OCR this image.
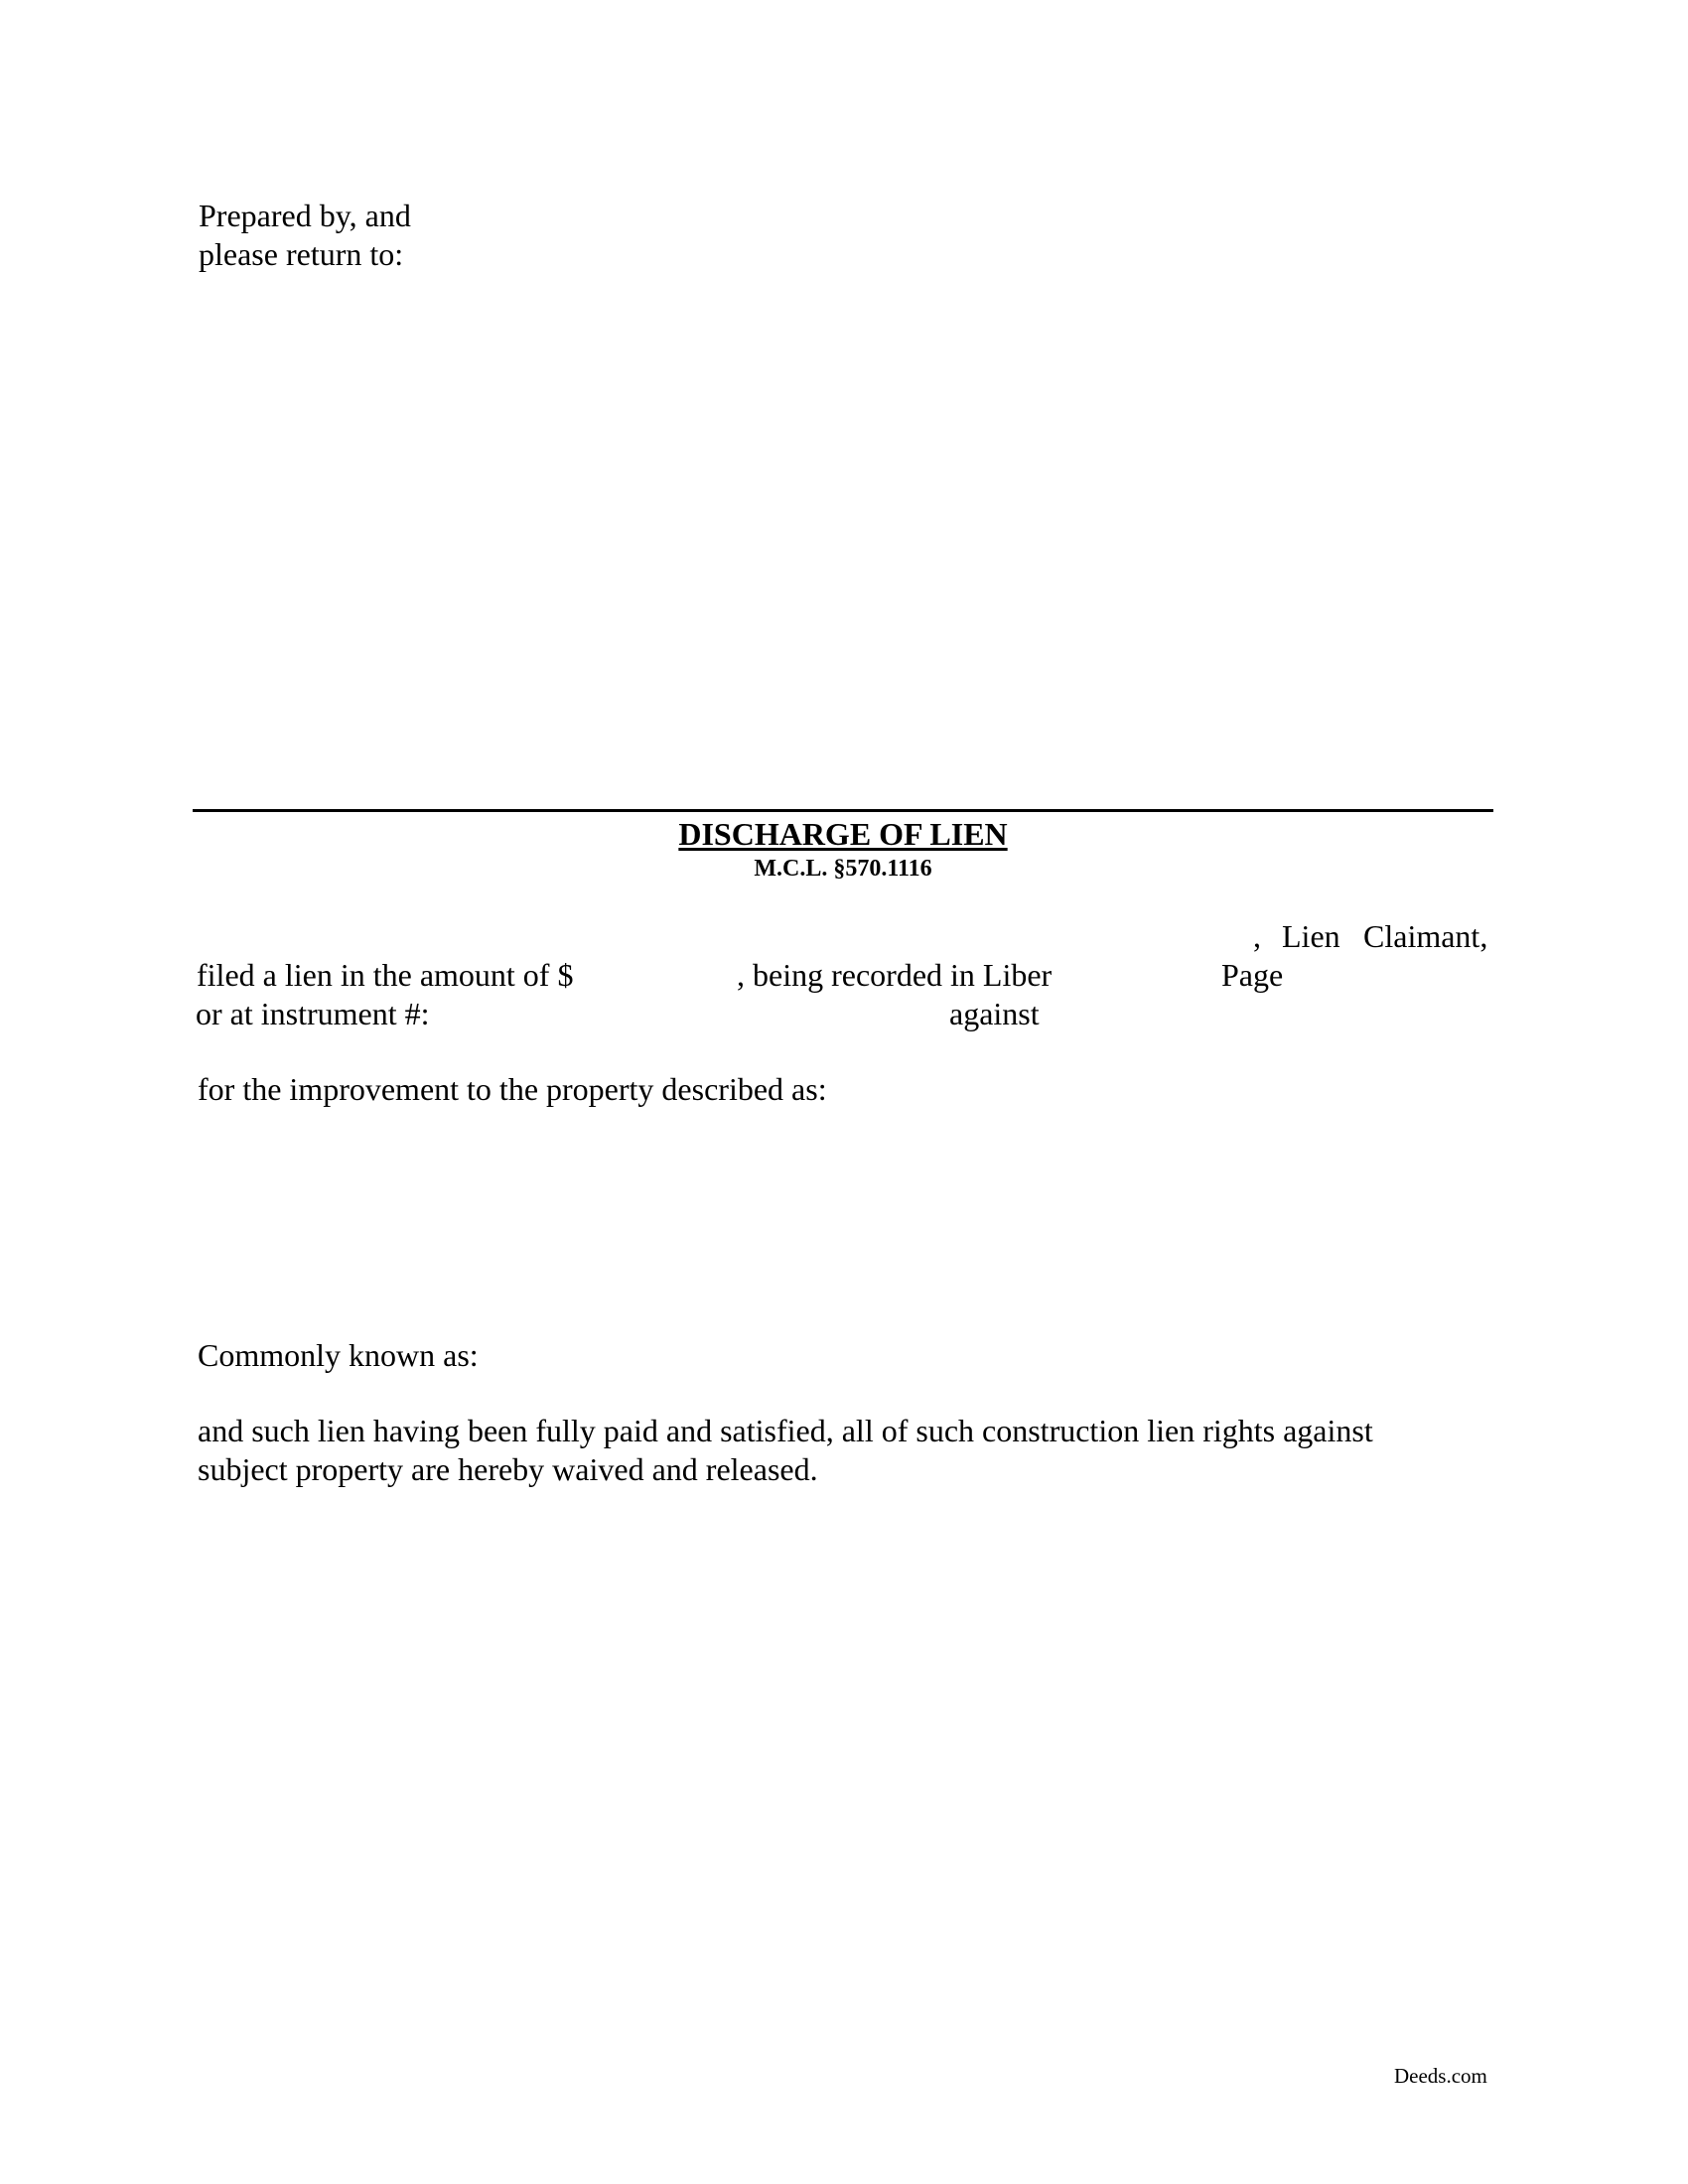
Prepared by, and
please return to:
DISCHARGE OF LIEN
M.C.L. §570.1116
, Lien Claimant,
filed a lien in the amount of $	, being recorded in Liber	Page
or at instrument #:	against
for the improvement to the property described as:
Commonly known as:
and such lien having been fully paid and satisfied, all of such construction lien rights against
subject property are hereby waived and released.
Deeds.com
